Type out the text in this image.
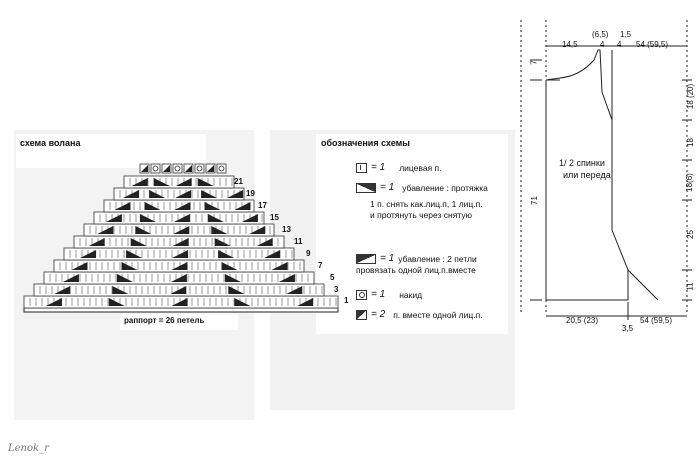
схема волана	обозначения схемы
21
19
17
15
13
11
9
7
5
3
1
раппорт = 26 петель
= 1 лицевая п.
= 1 убавление : протяжка
1 п. снять как.лиц.п, 1 лиц.п.
и протянуть через снятую
= 1 убавление : 2 петли
провязать одной лиц.п.вместе
= 1 накид
= 2 п. вместе одной лиц.п.
14,5
(6,5)
4
1,5
4 54 (59,5)
7
71
18 (20)
18
18(6)
25
11
20,5 (23)
3,5
54 (59,5)
1/ 2 спинки
или переда
Lenok_r
